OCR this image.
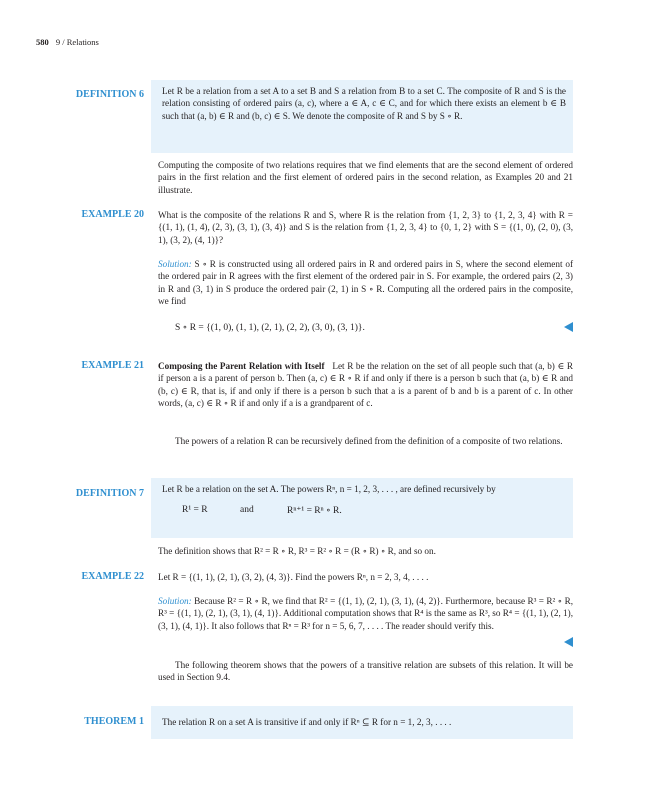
580 9 / Relations
DEFINITION 6 Let R be a relation from a set A to a set B and S a relation from B to a set C. The composite of R and S is the relation consisting of ordered pairs (a, c), where a ∈ A, c ∈ C, and for which there exists an element b ∈ B such that (a, b) ∈ R and (b, c) ∈ S. We denote the composite of R and S by S ∘ R.

Computing the composite of two relations requires that we find elements that are the second element of ordered pairs in the first relation and the first element of ordered pairs in the second relation, as Examples 20 and 21 illustrate.

EXAMPLE 20 What is the composite of the relations R and S, where R is the relation from {1, 2, 3} to {1, 2, 3, 4} with R = {(1, 1), (1, 4), (2, 3), (3, 1), (3, 4)} and S is the relation from {1, 2, 3, 4} to {0, 1, 2} with S = {(1, 0), (2, 0), (3, 1), (3, 2), (4, 1)}?

Solution: S ∘ R is constructed using all ordered pairs in R and ordered pairs in S, where the second element of the ordered pair in R agrees with the first element of the ordered pair in S. For example, the ordered pairs (2, 3) in R and (3, 1) in S produce the ordered pair (2, 1) in S ∘ R. Computing all the ordered pairs in the composite, we find

S ∘ R = {(1, 0), (1, 1), (2, 1), (2, 2), (3, 0), (3, 1)}.
EXAMPLE 21 Composing the Parent Relation with Itself Let R be the relation on the set of all people such that (a, b) ∈ R if person a is a parent of person b. Then (a, c) ∈ R ∘ R if and only if there is a person b such that (a, b) ∈ R and (b, c) ∈ R, that is, if and only if there is a person b such that a is a parent of b and b is a parent of c. In other words, (a, c) ∈ R ∘ R if and only if a is a grandparent of c.

The powers of a relation R can be recursively defined from the definition of a composite of two relations.

DEFINITION 7 Let R be a relation on the set A. The powers Rⁿ, n = 1, 2, 3, . . . , are defined recursively by

R¹ = R	and	Rⁿ⁺¹ = Rⁿ ∘ R.

The definition shows that R² = R ∘ R, R³ = R² ∘ R = (R ∘ R) ∘ R, and so on.

EXAMPLE 22 Let R = {(1, 1), (2, 1), (3, 2), (4, 3)}. Find the powers Rⁿ, n = 2, 3, 4, . . . .

Solution: Because R² = R ∘ R, we find that R² = {(1, 1), (2, 1), (3, 1), (4, 2)}. Furthermore, because R³ = R² ∘ R, R³ = {(1, 1), (2, 1), (3, 1), (4, 1)}. Additional computation shows that R⁴ is the same as R³, so R⁴ = {(1, 1), (2, 1), (3, 1), (4, 1)}. It also follows that Rⁿ = R³ for n = 5, 6, 7, . . . . The reader should verify this.

The following theorem shows that the powers of a transitive relation are subsets of this relation. It will be used in Section 9.4.

THEOREM 1 The relation R on a set A is transitive if and only if Rⁿ ⊆ R for n = 1, 2, 3, . . . .
